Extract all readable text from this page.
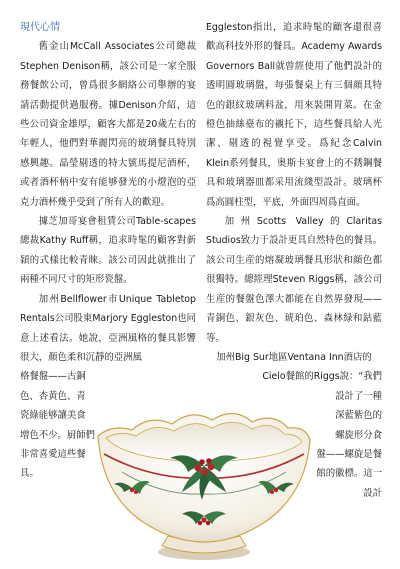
現代心情

舊金山McCall Associates公司總裁Stephen Denison稱，該公司是一家全服務餐飲公司，曾爲很多網絡公司舉辦的宴請活動提供過服務。據Denison介紹，這些公司資金雄厚，顧客大都是20歲左右的年輕人，他們對華麗閃亮的玻璃餐具特別感興趣。晶瑩剔透的特大號馬提尼酒杯，或者酒杯柄中安有能够發光的小燈泡的亞克力酒杯幾乎受到了所有人的歡迎。

據芝加哥宴會租賃公司Table-scapes總裁Kathy Ruff稱，追求時髦的顧客對新穎的式樣比較青睞。該公司因此就推出了兩種不同尺寸的矩形瓷盤。

加州Bellflower市Unique Tabletop Rentals公司股東Marjory Eggleston也同意上述看法。她說，亞洲風格的餐具影響很大，顏色柔和沉靜的亞洲風

格餐盤——古銅
色、杏黄色、青
瓷綠能够讓美食
增色不少。厨師們
非常喜愛這些餐具。

Eggleston指出，追求時髦的顧客還很喜歡高科技外形的餐具。Academy Awards Governors Ball就曾經使用了他們設計的透明圓玻璃盤，每張餐桌上有三個顔具特色的銀紋玻璃料盆，用來裝開胃菜。在金橙色抽絲臺布的襯托下，這些餐具給人光潔、剔透的視覺享受。爲紀念Calvin Klein系列餐具，奥斯卡宴會上的不銹鋼餐具和玻璃器皿都采用流綫型設計。玻璃杯爲高圓柱型，平底，外面四周爲直面。

加州Scotts Valley的Claritas Studios致力于設計更具自然特色的餐具。該公司生産的熔凝玻璃餐具形狀和顔色都很獨特。總經理Steven Riggs稱，該公司生産的餐盤色澤大都能在自然界發現——青銅色、銀灰色、琥珀色、森林緑和鈷藍等。

加州Big Sur地區Ventana Inn酒店的
Cielo餐館的Riggs說：“我們
設計了一種
深藍紫色的
螺旋形分食
盤——螺旋是餐
館的徽標。這一設計
